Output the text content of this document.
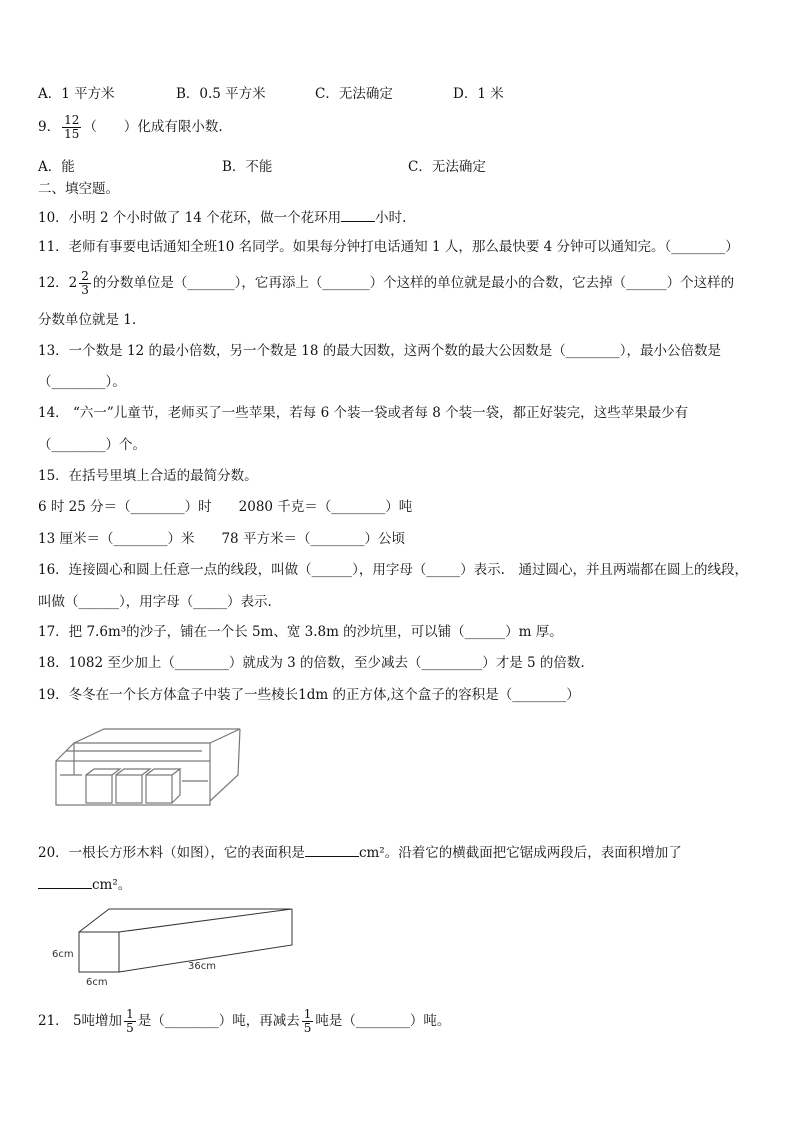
A．1 平方米	B．0.5 平方米	C．无法确定	D．1 米
9． $\frac{12}{15}$ （　　）化成有限小数.
A．能	B．不能	C．无法确定
二、填空题。
10．小明 2 个小时做了 14 个花环，做一个花环用	小时.
11．老师有事要电话通知全班10 名同学。如果每分钟打电话通知 1 人，那么最快要 4 分钟可以通知完。（________）
12．$2 \frac{2}{3}$ 的分数单位是（_______），它再添上（_______）个这样的单位就是最小的合数，它去掉（______）个这样的
分数单位就是 1.
13．一个数是 12 的最小倍数，另一个数是 18 的最大因数，这两个数的最大公因数是（________），最小公倍数是
（________）。
14． “六一”儿童节，老师买了一些苹果，若每 6 个装一袋或者每 8 个装一袋，都正好装完，这些苹果最少有
（________）个。
15．在括号里填上合适的最简分数。
6 时 25 分＝（________）时　　2080 千克＝（________）吨
13 厘米＝（________）米　　78 平方米＝（________）公顷
16．连接圆心和圆上任意一点的线段，叫做（______），用字母（_____）表示.　通过圆心，并且两端都在圆上的线段，
叫做（______），用字母（_____）表示.
17．把 7.6m³的沙子，铺在一个长 5m、宽 3.8m 的沙坑里，可以铺（______）m 厚。
18．1082 至少加上（________）就成为 3 的倍数，至少减去（_________）才是 5 的倍数.
19．冬冬在一个长方体盒子中装了一些棱长1dm 的正方体,这个盒子的容积是（________）
20．一根长方形木料（如图），它的表面积是	cm²。沿着它的横截面把它锯成两段后，表面积增加了
cm²。
6cm
6cm
36cm
21． 5吨增加 $\frac{1}{5}$ 是（________）吨，再减去 $\frac{1}{5}$ 吨是（________）吨。
